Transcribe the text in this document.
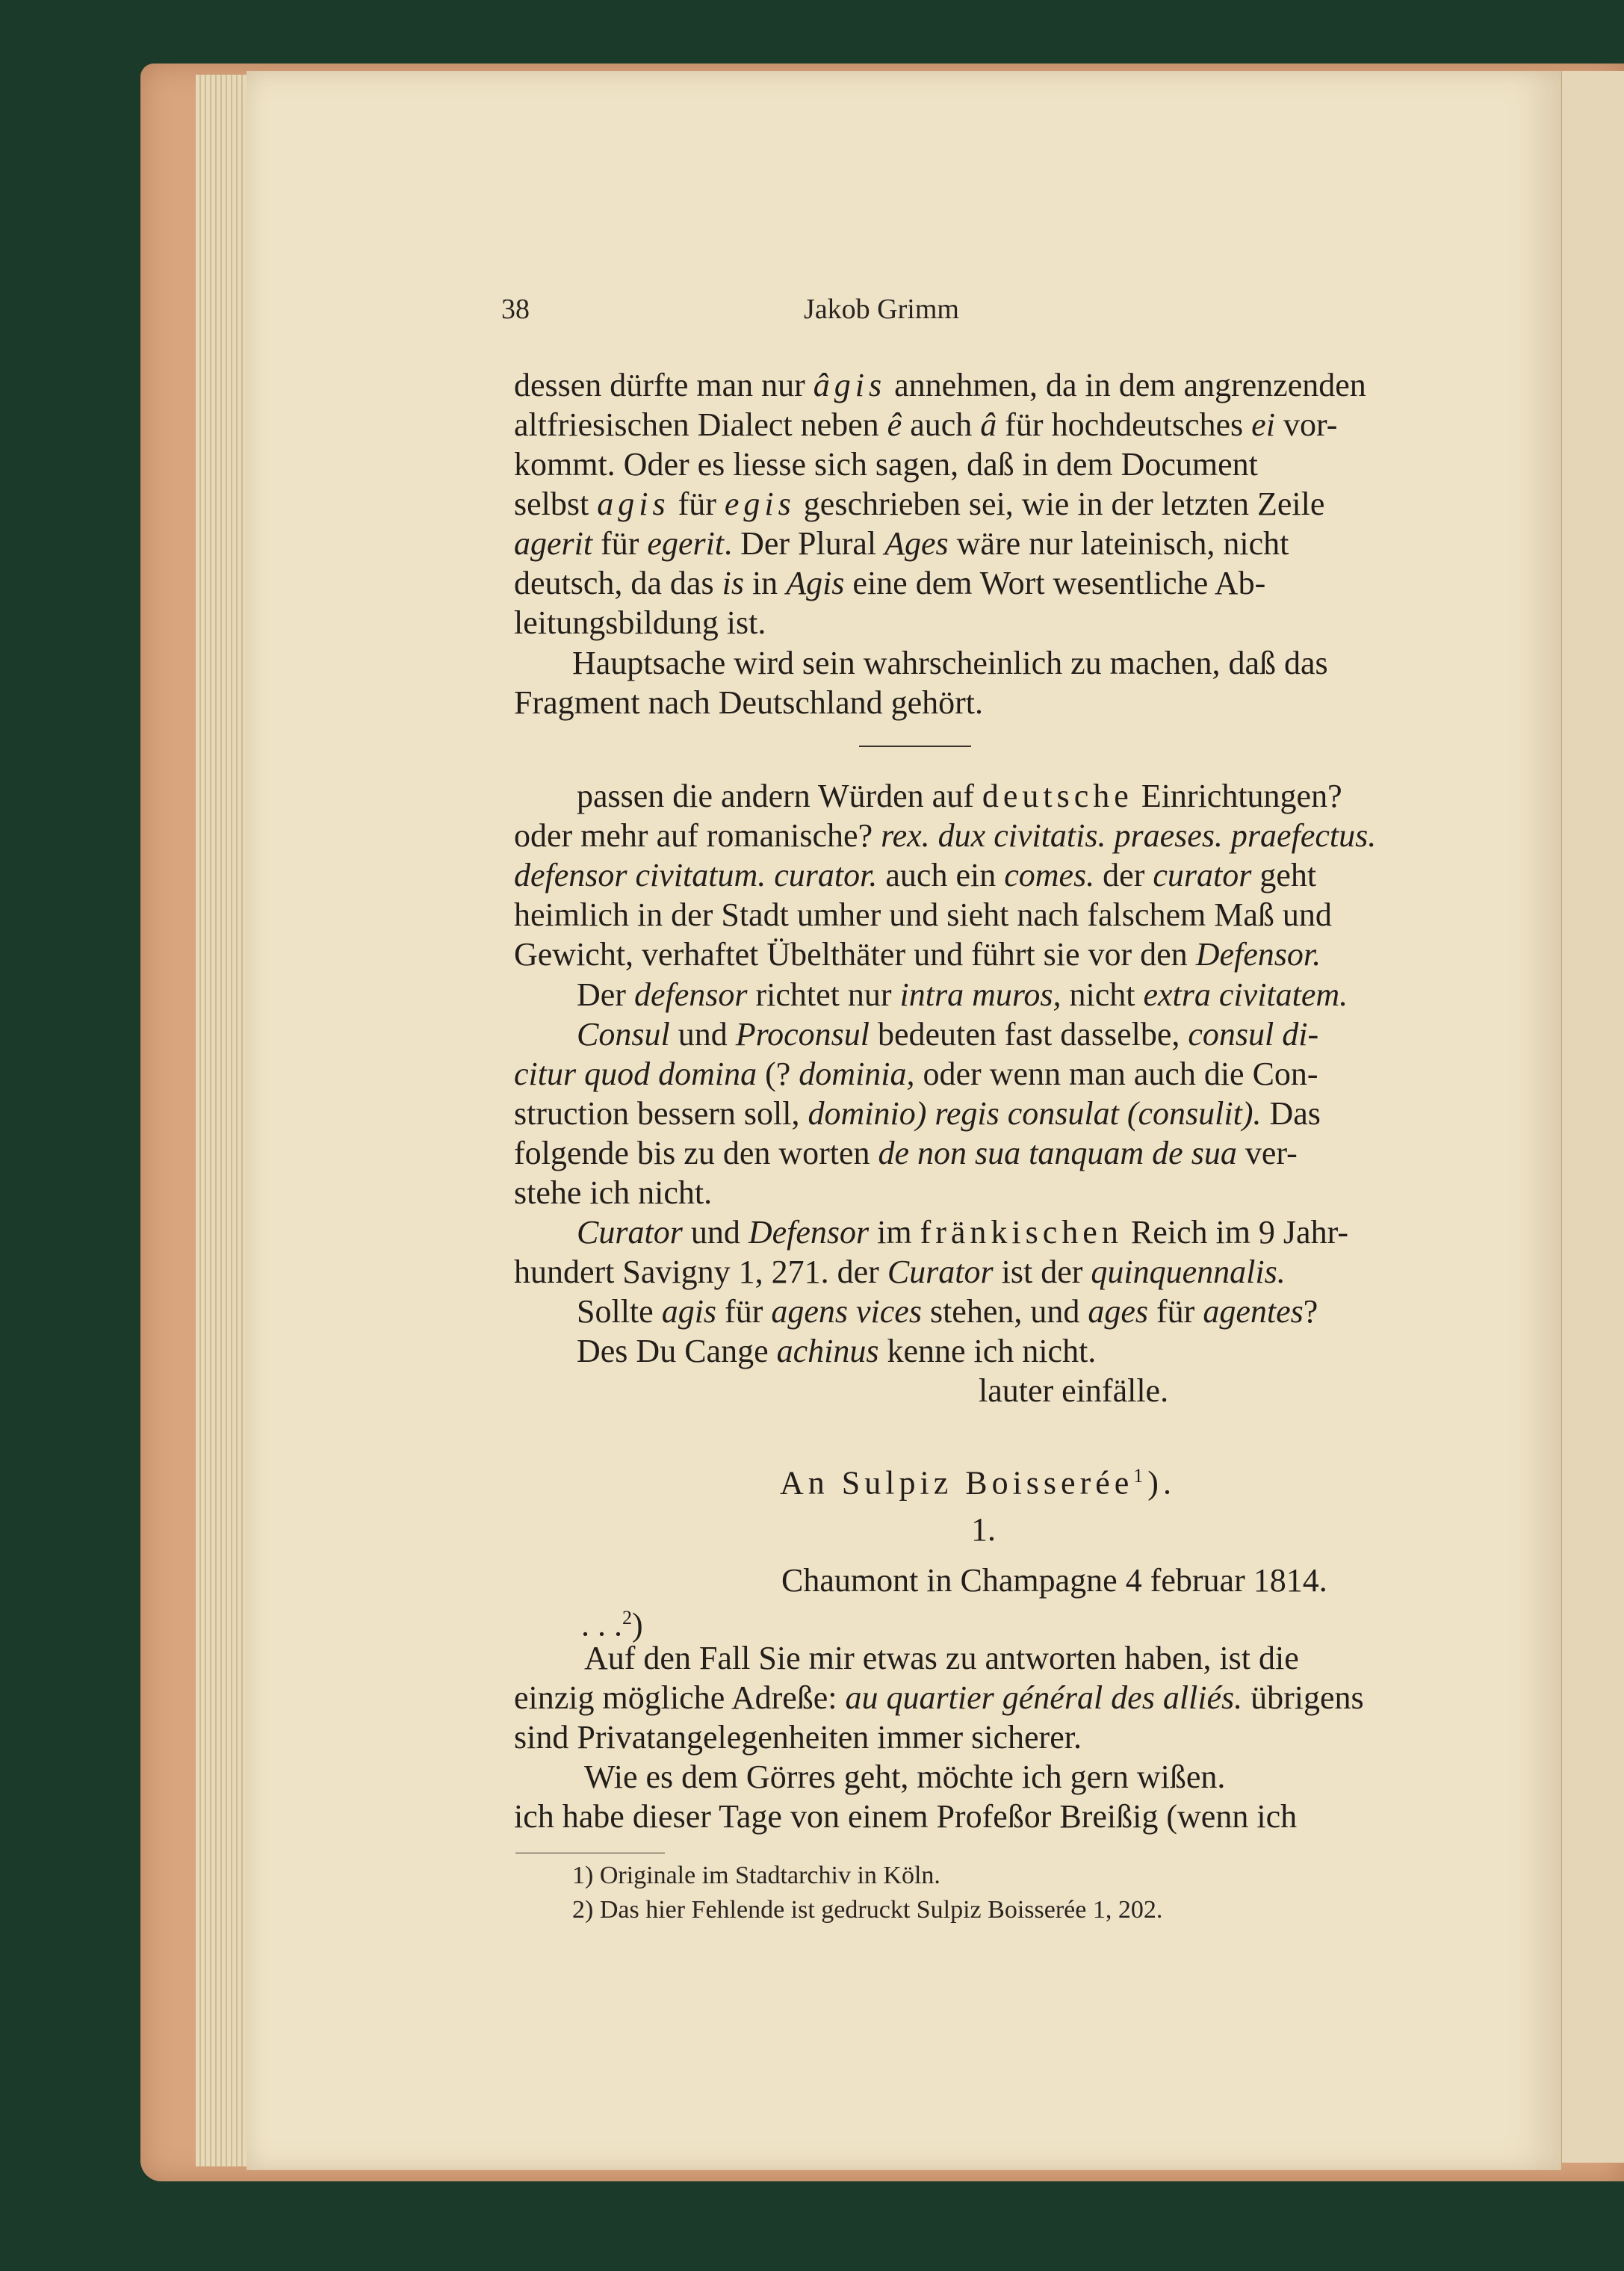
38	Jakob Grimm
dessen dürfte man nur âgis annehmen, da in dem angrenzenden
altfriesischen Dialect neben ê auch â für hochdeutsches ei vor-
kommt. Oder es liesse sich sagen, daß in dem Document
selbst agis für egis geschrieben sei, wie in der letzten Zeile
agerit für egerit. Der Plural Ages wäre nur lateinisch, nicht
deutsch, da das is in Agis eine dem Wort wesentliche Ab-
leitungsbildung ist.
Hauptsache wird sein wahrscheinlich zu machen, daß das
Fragment nach Deutschland gehört.
passen die andern Würden auf deutsche Einrichtungen?
oder mehr auf romanische? rex. dux civitatis. praeses. praefectus.
defensor civitatum. curator. auch ein comes. der curator geht
heimlich in der Stadt umher und sieht nach falschem Maß und
Gewicht, verhaftet Übelthäter und führt sie vor den Defensor.
Der defensor richtet nur intra muros, nicht extra civitatem.
Consul und Proconsul bedeuten fast dasselbe, consul di-
citur quod domina (? dominia, oder wenn man auch die Con-
struction bessern soll, dominio) regis consulat (consulit). Das
folgende bis zu den worten de non sua tanquam de sua ver-
stehe ich nicht.
Curator und Defensor im fränkischen Reich im 9 Jahr-
hundert Savigny 1, 271. der Curator ist der quinquennalis.
Sollte agis für agens vices stehen, und ages für agentes?
Des Du Cange achinus kenne ich nicht.
lauter einfälle.
An Sulpiz Boisserée$^1$).
1.
Chaumont in Champagne 4 februar 1814.
. . .$^2$)
Auf den Fall Sie mir etwas zu antworten haben, ist die
einzig mögliche Adreße: au quartier général des alliés. übrigens
sind Privatangelegenheiten immer sicherer.
Wie es dem Görres geht, möchte ich gern wißen.
ich habe dieser Tage von einem Profeßor Breißig (wenn ich
1) Originale im Stadtarchiv in Köln.
2) Das hier Fehlende ist gedruckt Sulpiz Boisserée 1, 202.
